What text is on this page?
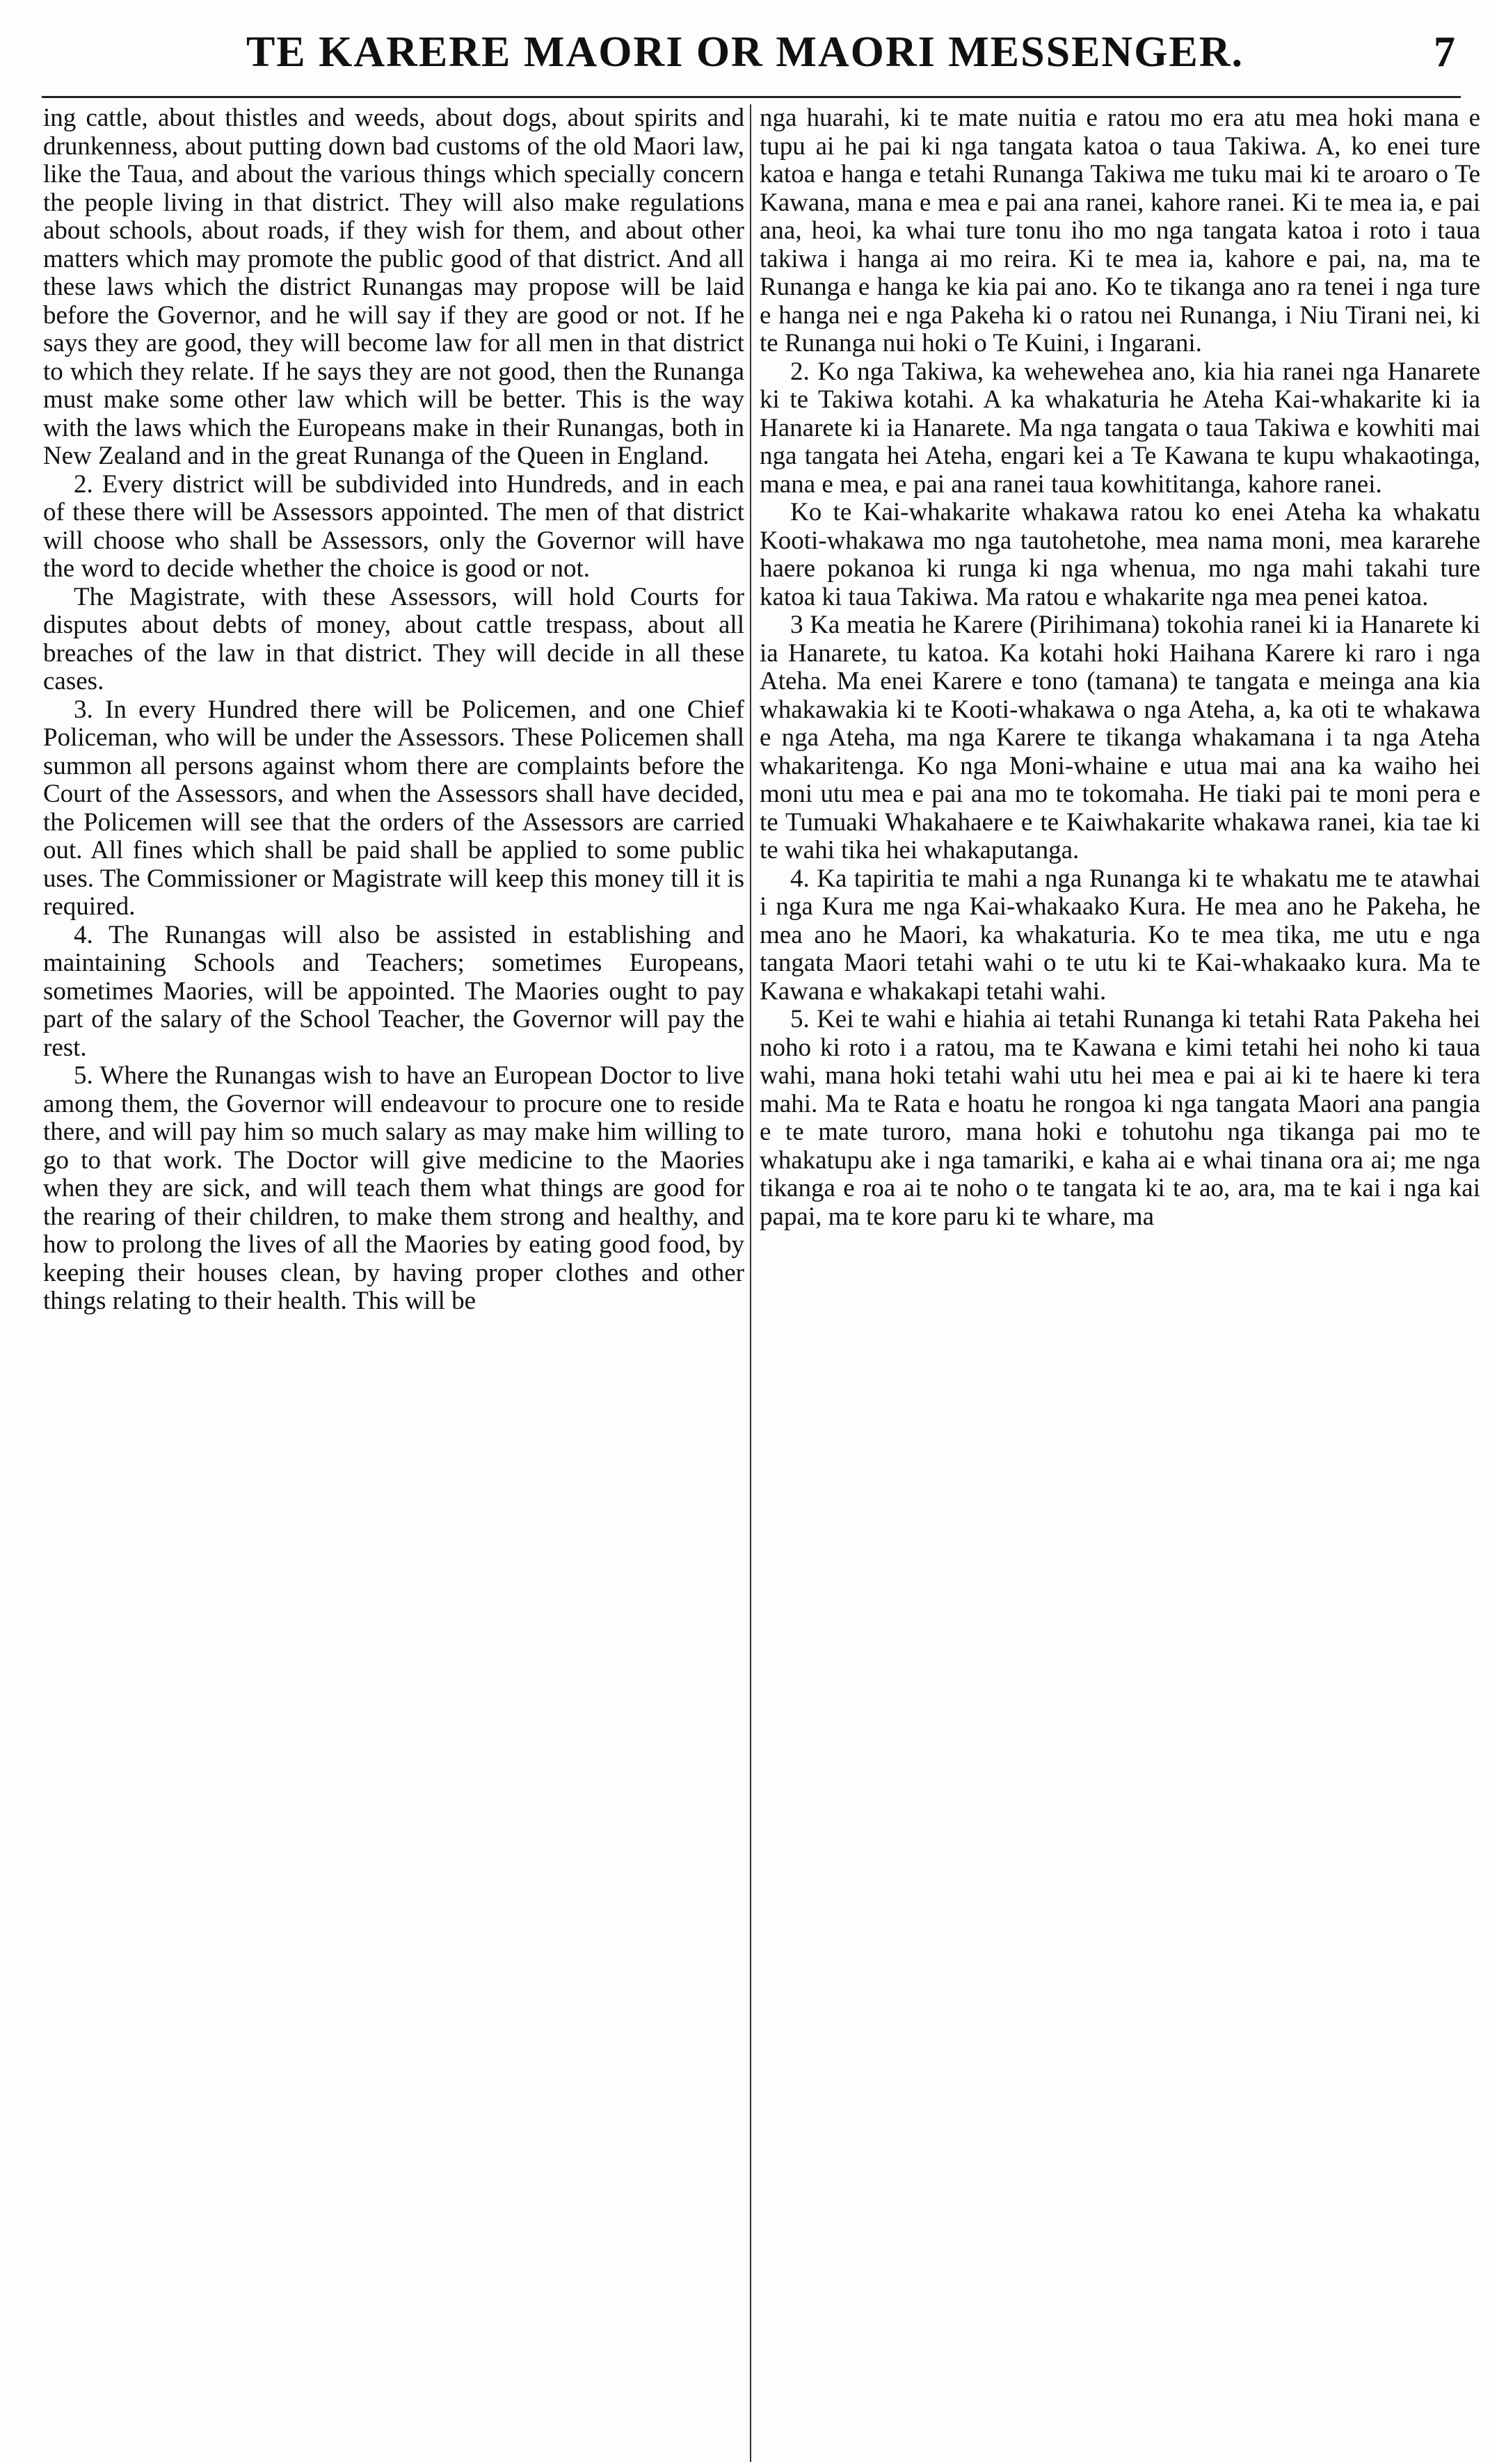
TE KARERE MAORI OR MAORI MESSENGER.	7

ing cattle, about thistles and weeds, about dogs, about spirits and drunkenness, about putting down bad customs of the old Maori law, like the Taua, and about the various things which specially concern the people living in that district. They will also make regulations about schools, about roads, if they wish for them, and about other matters which may promote the public good of that district. And all these laws which the district Runangas may propose will be laid before the Governor, and he will say if they are good or not. If he says they are good, they will become law for all men in that district to which they relate. If he says they are not good, then the Runanga must make some other law which will be better. This is the way with the laws which the Europeans make in their Runangas, both in New Zealand and in the great Runanga of the Queen in England.

2. Every district will be subdivided into Hundreds, and in each of these there will be Assessors appointed. The men of that district will choose who shall be Assessors, only the Governor will have the word to decide whether the choice is good or not.

The Magistrate, with these Assessors, will hold Courts for disputes about debts of money, about cattle trespass, about all breaches of the law in that district. They will decide in all these cases.

3. In every Hundred there will be Policemen, and one Chief Policeman, who will be under the Assessors. These Policemen shall summon all persons against whom there are complaints before the Court of the Assessors, and when the Assessors shall have decided, the Policemen will see that the orders of the Assessors are carried out. All fines which shall be paid shall be applied to some public uses. The Commissioner or Magistrate will keep this money till it is required.

4. The Runangas will also be assisted in establishing and maintaining Schools and Teachers; sometimes Europeans, sometimes Maories, will be appointed. The Maories ought to pay part of the salary of the School Teacher, the Governor will pay the rest.

5. Where the Runangas wish to have an European Doctor to live among them, the Governor will endeavour to procure one to reside there, and will pay him so much salary as may make him willing to go to that work. The Doctor will give medicine to the Maories when they are sick, and will teach them what things are good for the rearing of their children, to make them strong and healthy, and how to prolong the lives of all the Maories by eating good food, by keeping their houses clean, by having proper clothes and other things relating to their health. This will be

nga huarahi, ki te mate nuitia e ratou mo era atu mea hoki mana e tupu ai he pai ki nga tangata katoa o taua Takiwa. A, ko enei ture katoa e hanga e tetahi Runanga Takiwa me tuku mai ki te aroaro o Te Kawana, mana e mea e pai ana ranei, kahore ranei. Ki te mea ia, e pai ana, heoi, ka whai ture tonu iho mo nga tangata katoa i roto i taua takiwa i hanga ai mo reira. Ki te mea ia, kahore e pai, na, ma te Runanga e hanga ke kia pai ano. Ko te tikanga ano ra tenei i nga ture e hanga nei e nga Pakeha ki o ratou nei Runanga, i Niu Tirani nei, ki te Runanga nui hoki o Te Kuini, i Ingarani.

2. Ko nga Takiwa, ka wehewehea ano, kia hia ranei nga Hanarete ki te Takiwa kotahi. A ka whakaturia he Ateha Kai-whakarite ki ia Hanarete ki ia Hanarete. Ma nga tangata o taua Takiwa e kowhiti mai nga tangata hei Ateha, engari kei a Te Kawana te kupu whakaotinga, mana e mea, e pai ana ranei taua kowhititanga, kahore ranei.

Ko te Kai-whakarite whakawa ratou ko enei Ateha ka whakatu Kooti-whakawa mo nga tautohetohe, mea nama moni, mea kararehe haere pokanoa ki runga ki nga whenua, mo nga mahi takahi ture katoa ki taua Takiwa. Ma ratou e whakarite nga mea penei katoa.

3 Ka meatia he Karere (Pirihimana) tokohia ranei ki ia Hanarete ki ia Hanarete, tu katoa. Ka kotahi hoki Haihana Karere ki raro i nga Ateha. Ma enei Karere e tono (tamana) te tangata e meinga ana kia whakawakia ki te Kooti-whakawa o nga Ateha, a, ka oti te whakawa e nga Ateha, ma nga Karere te tikanga whakamana i ta nga Ateha whakaritenga. Ko nga Moni-whaine e utua mai ana ka waiho hei moni utu mea e pai ana mo te tokomaha. He tiaki pai te moni pera e te Tumuaki Whakahaere e te Kaiwhakarite whakawa ranei, kia tae ki te wahi tika hei whakaputanga.

4. Ka tapiritia te mahi a nga Runanga ki te whakatu me te atawhai i nga Kura me nga Kai-whakaako Kura. He mea ano he Pakeha, he mea ano he Maori, ka whakaturia. Ko te mea tika, me utu e nga tangata Maori tetahi wahi o te utu ki te Kai-whakaako kura. Ma te Kawana e whakakapi tetahi wahi.

5. Kei te wahi e hiahia ai tetahi Runanga ki tetahi Rata Pakeha hei noho ki roto i a ratou, ma te Kawana e kimi tetahi hei noho ki taua wahi, mana hoki tetahi wahi utu hei mea e pai ai ki te haere ki tera mahi. Ma te Rata e hoatu he rongoa ki nga tangata Maori ana pangia e te mate turoro, mana hoki e tohutohu nga tikanga pai mo te whakatupu ake i nga tamariki, e kaha ai e whai tinana ora ai; me nga tikanga e roa ai te noho o te tangata ki te ao, ara, ma te kai i nga kai papai, ma te kore paru ki te whare, ma
